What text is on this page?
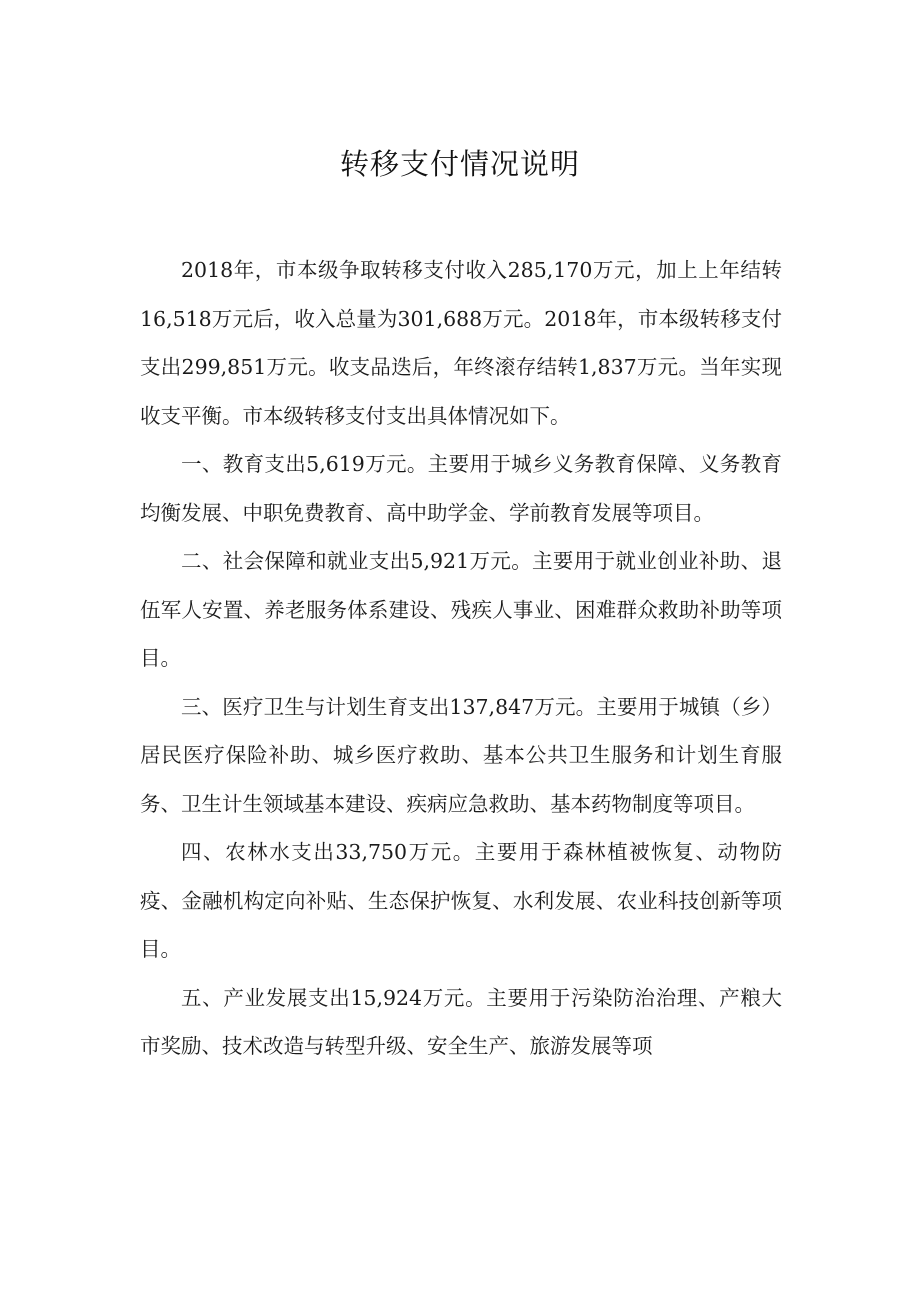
转移支付情况说明

2018年，市本级争取转移支付收入285,170万元，加上上年结转16,518万元后，收入总量为301,688万元。2018年，市本级转移支付支出299,851万元。收支品迭后，年终滚存结转1,837万元。当年实现收支平衡。市本级转移支付支出具体情况如下。

一、教育支出5,619万元。主要用于城乡义务教育保障、义务教育均衡发展、中职免费教育、高中助学金、学前教育发展等项目。

二、社会保障和就业支出5,921万元。主要用于就业创业补助、退伍军人安置、养老服务体系建设、残疾人事业、困难群众救助补助等项目。

三、医疗卫生与计划生育支出137,847万元。主要用于城镇（乡）居民医疗保险补助、城乡医疗救助、基本公共卫生服务和计划生育服务、卫生计生领域基本建设、疾病应急救助、基本药物制度等项目。

四、农林水支出33,750万元。主要用于森林植被恢复、动物防疫、金融机构定向补贴、生态保护恢复、水利发展、农业科技创新等项目。

五、产业发展支出15,924万元。主要用于污染防治治理、产粮大市奖励、技术改造与转型升级、安全生产、旅游发展等项
